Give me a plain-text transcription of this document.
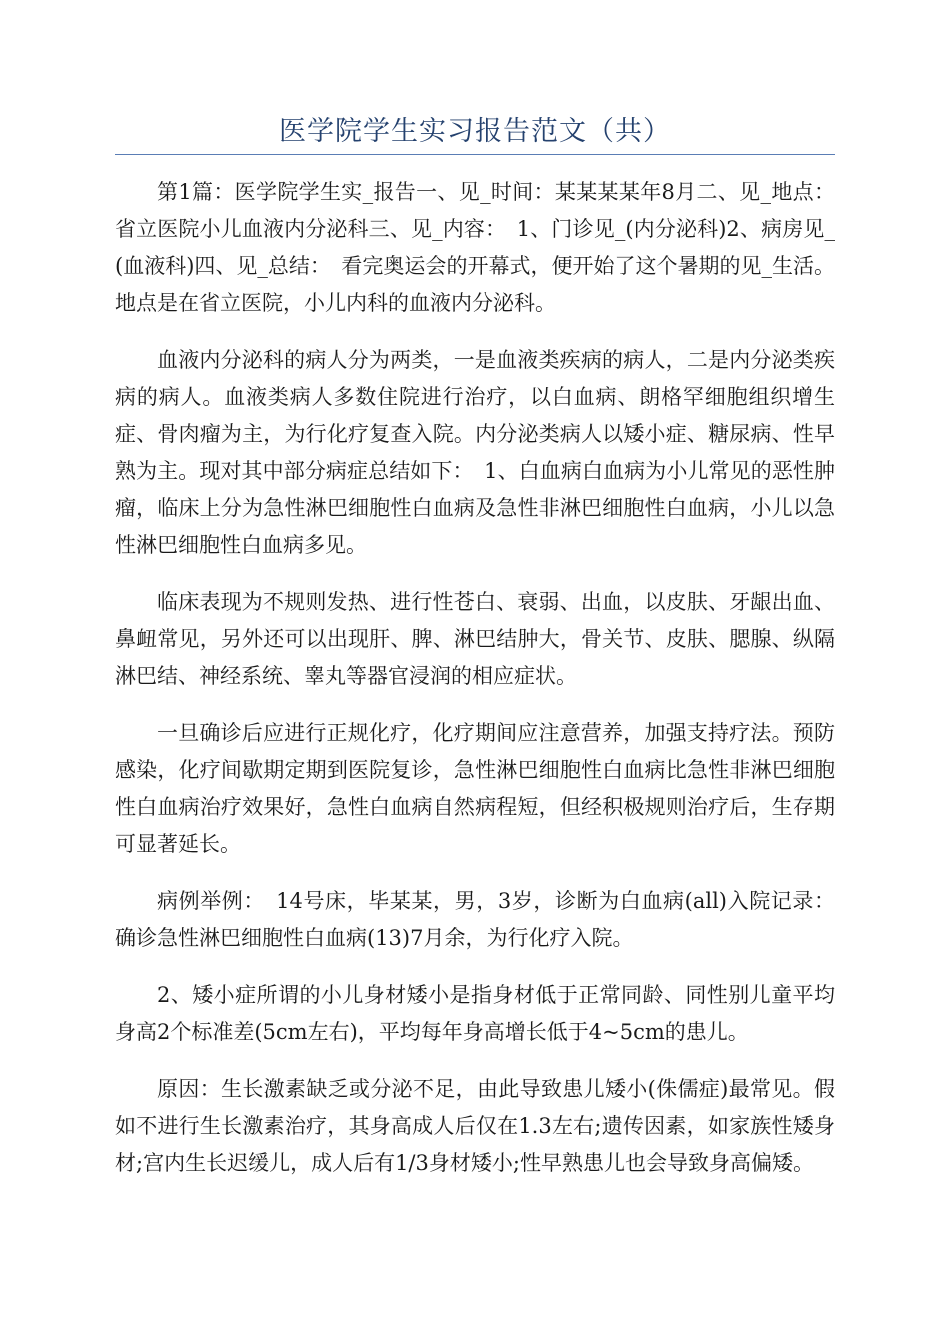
医学院学生实习报告范文（共）

第1篇：医学院学生实_报告一、见_时间：某某某某年8月二、见_地点：省立医院小儿血液内分泌科三、见_内容：　1、门诊见_(内分泌科)2、病房见_(血液科)四、见_总结：　看完奥运会的开幕式，便开始了这个暑期的见_生活。地点是在省立医院，小儿内科的血液内分泌科。

血液内分泌科的病人分为两类，一是血液类疾病的病人，二是内分泌类疾病的病人。血液类病人多数住院进行治疗，以白血病、朗格罕细胞组织增生症、骨肉瘤为主，为行化疗复查入院。内分泌类病人以矮小症、糖尿病、性早熟为主。现对其中部分病症总结如下：　1、白血病白血病为小儿常见的恶性肿瘤，临床上分为急性淋巴细胞性白血病及急性非淋巴细胞性白血病，小儿以急性淋巴细胞性白血病多见。

临床表现为不规则发热、进行性苍白、衰弱、出血，以皮肤、牙龈出血、鼻衄常见，另外还可以出现肝、脾、淋巴结肿大，骨关节、皮肤、腮腺、纵隔淋巴结、神经系统、睾丸等器官浸润的相应症状。

一旦确诊后应进行正规化疗，化疗期间应注意营养，加强支持疗法。预防感染，化疗间歇期定期到医院复诊，急性淋巴细胞性白血病比急性非淋巴细胞性白血病治疗效果好，急性白血病自然病程短，但经积极规则治疗后，生存期可显著延长。

病例举例：　14号床，毕某某，男，3岁，诊断为白血病(all)入院记录：确诊急性淋巴细胞性白血病(13)7月余，为行化疗入院。

2、矮小症所谓的小儿身材矮小是指身材低于正常同龄、同性别儿童平均身高2个标准差(5cm左右)，平均每年身高增长低于4~5cm的患儿。

原因：生长激素缺乏或分泌不足，由此导致患儿矮小(侏儒症)最常见。假如不进行生长激素治疗，其身高成人后仅在1.3左右;遗传因素，如家族性矮身材;宫内生长迟缓儿，成人后有1/3身材矮小;性早熟患儿也会导致身高偏矮。
